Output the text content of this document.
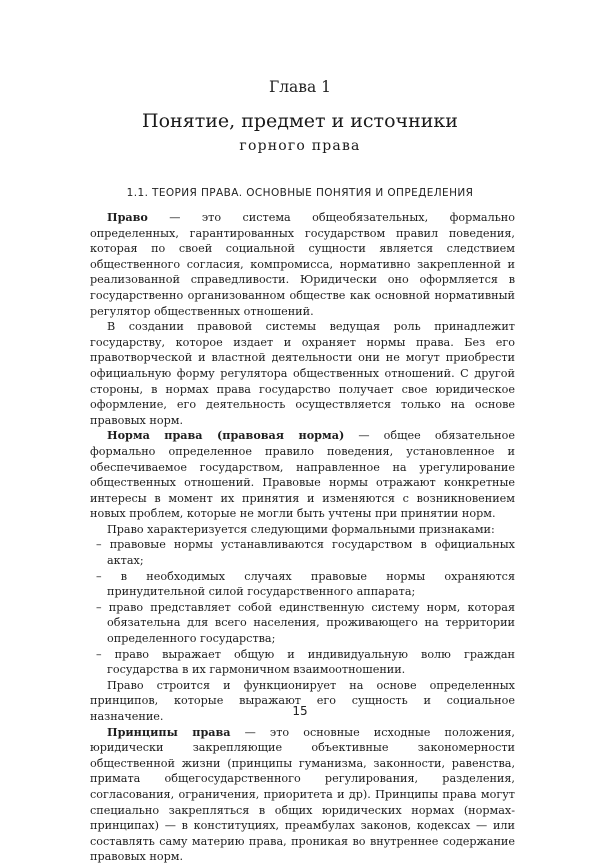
Глава 1
Понятие, предмет и источники
горного права
1.1. ТЕОРИЯ ПРАВА. ОСНОВНЫЕ ПОНЯТИЯ И ОПРЕДЕЛЕНИЯ

Право — это система общеобязательных, формально определенных, гарантированных государством правил поведения, которая по своей социальной сущности является следствием общественного согласия, компромисса, нормативно закрепленной и реализованной справедливости. Юридически оно оформляется в государственно организованном обществе как основной нормативный регулятор общественных отношений.

В создании правовой системы ведущая роль принадлежит государству, которое издает и охраняет нормы права. Без его правотворческой и властной деятельности они не могут приобрести официальную форму регулятора общественных отношений. С другой стороны, в нормах права государство получает свое юридическое оформление, его деятельность осуществляется только на основе правовых норм.

Норма права (правовая норма) — общее обязательное формально определенное правило поведения, установленное и обеспечиваемое государством, направленное на урегулирование общественных отношений. Правовые нормы отражают конкретные интересы в момент их принятия и изменяются с возникновением новых проблем, которые не могли быть учтены при принятии норм.

Право характеризуется следующими формальными признаками:

– правовые нормы устанавливаются государством в официальных актах;
– в необходимых случаях правовые нормы охраняются принудительной силой государственного аппарата;
– право представляет собой единственную систему норм, которая обязательна для всего населения, проживающего на территории определенного государства;
– право выражает общую и индивидуальную волю граждан государства в их гармоничном взаимоотношении.

Право строится и функционирует на основе определенных принципов, которые выражают его сущность и социальное назначение.

Принципы права — это основные исходные положения, юридически закрепляющие объективные закономерности общественной жизни (принципы гуманизма, законности, равенства, примата общегосударственного регулирования, разделения, согласования, ограничения, приоритета и др). Принципы права могут специально закрепляться в общих юридических нормах (нормах-принципах) — в конституциях, преамбулах законов, кодексах — или составлять саму материю права, проникая во внутреннее содержание правовых норм.

15
